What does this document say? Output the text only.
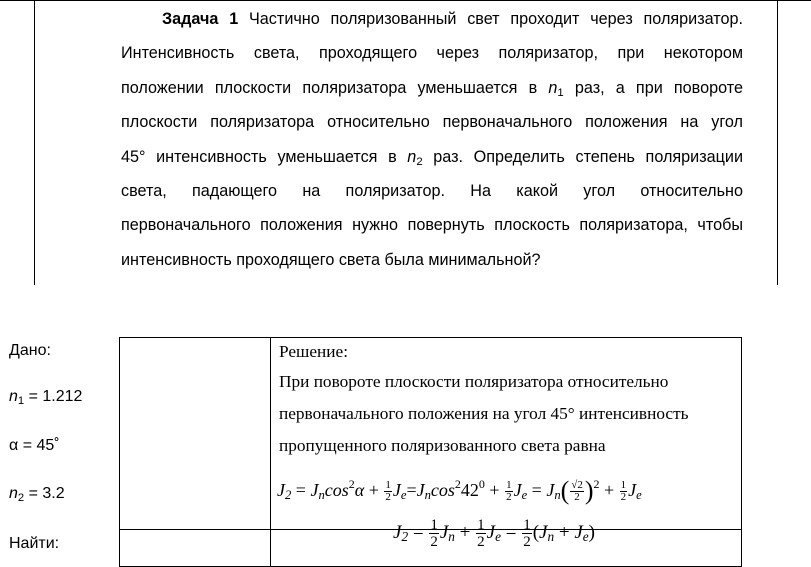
Задача 1 Частично поляризованный свет проходит через поляризатор.
Интенсивность света, проходящего через поляризатор, при некотором
положении плоскости поляризатора уменьшается в $n_1$ раз, а при повороте
плоскости поляризатора относительно первоначального положения на угол
45° интенсивность уменьшается в $n_2$ раз. Определить степень поляризации
света, падающего на поляризатор. На какой угол относительно
первоначального положения нужно повернуть плоскость поляризатора, чтобы
интенсивность проходящего света была минимальной?

Дано:
$n_1 = 1.212$
α = 45˚
$n_2 = 3.2$
Найти:
Решение:
При повороте плоскости поляризатора относительно
первоначального положения на угол 45° интенсивность
пропущенного поляризованного света равна
$J_2 = J_n\cos^2\alpha + \frac{1}{2} J_e=J_n\cos^242^0 + \frac{1}{2} J_e = J_n( \frac{√2}{2} )^2 + \frac{1}{2} J_e$
$J_2 = \frac{1}{2} J_n + \frac{1}{2} J_e = \frac{1}{2} (J_n + J_e)$
